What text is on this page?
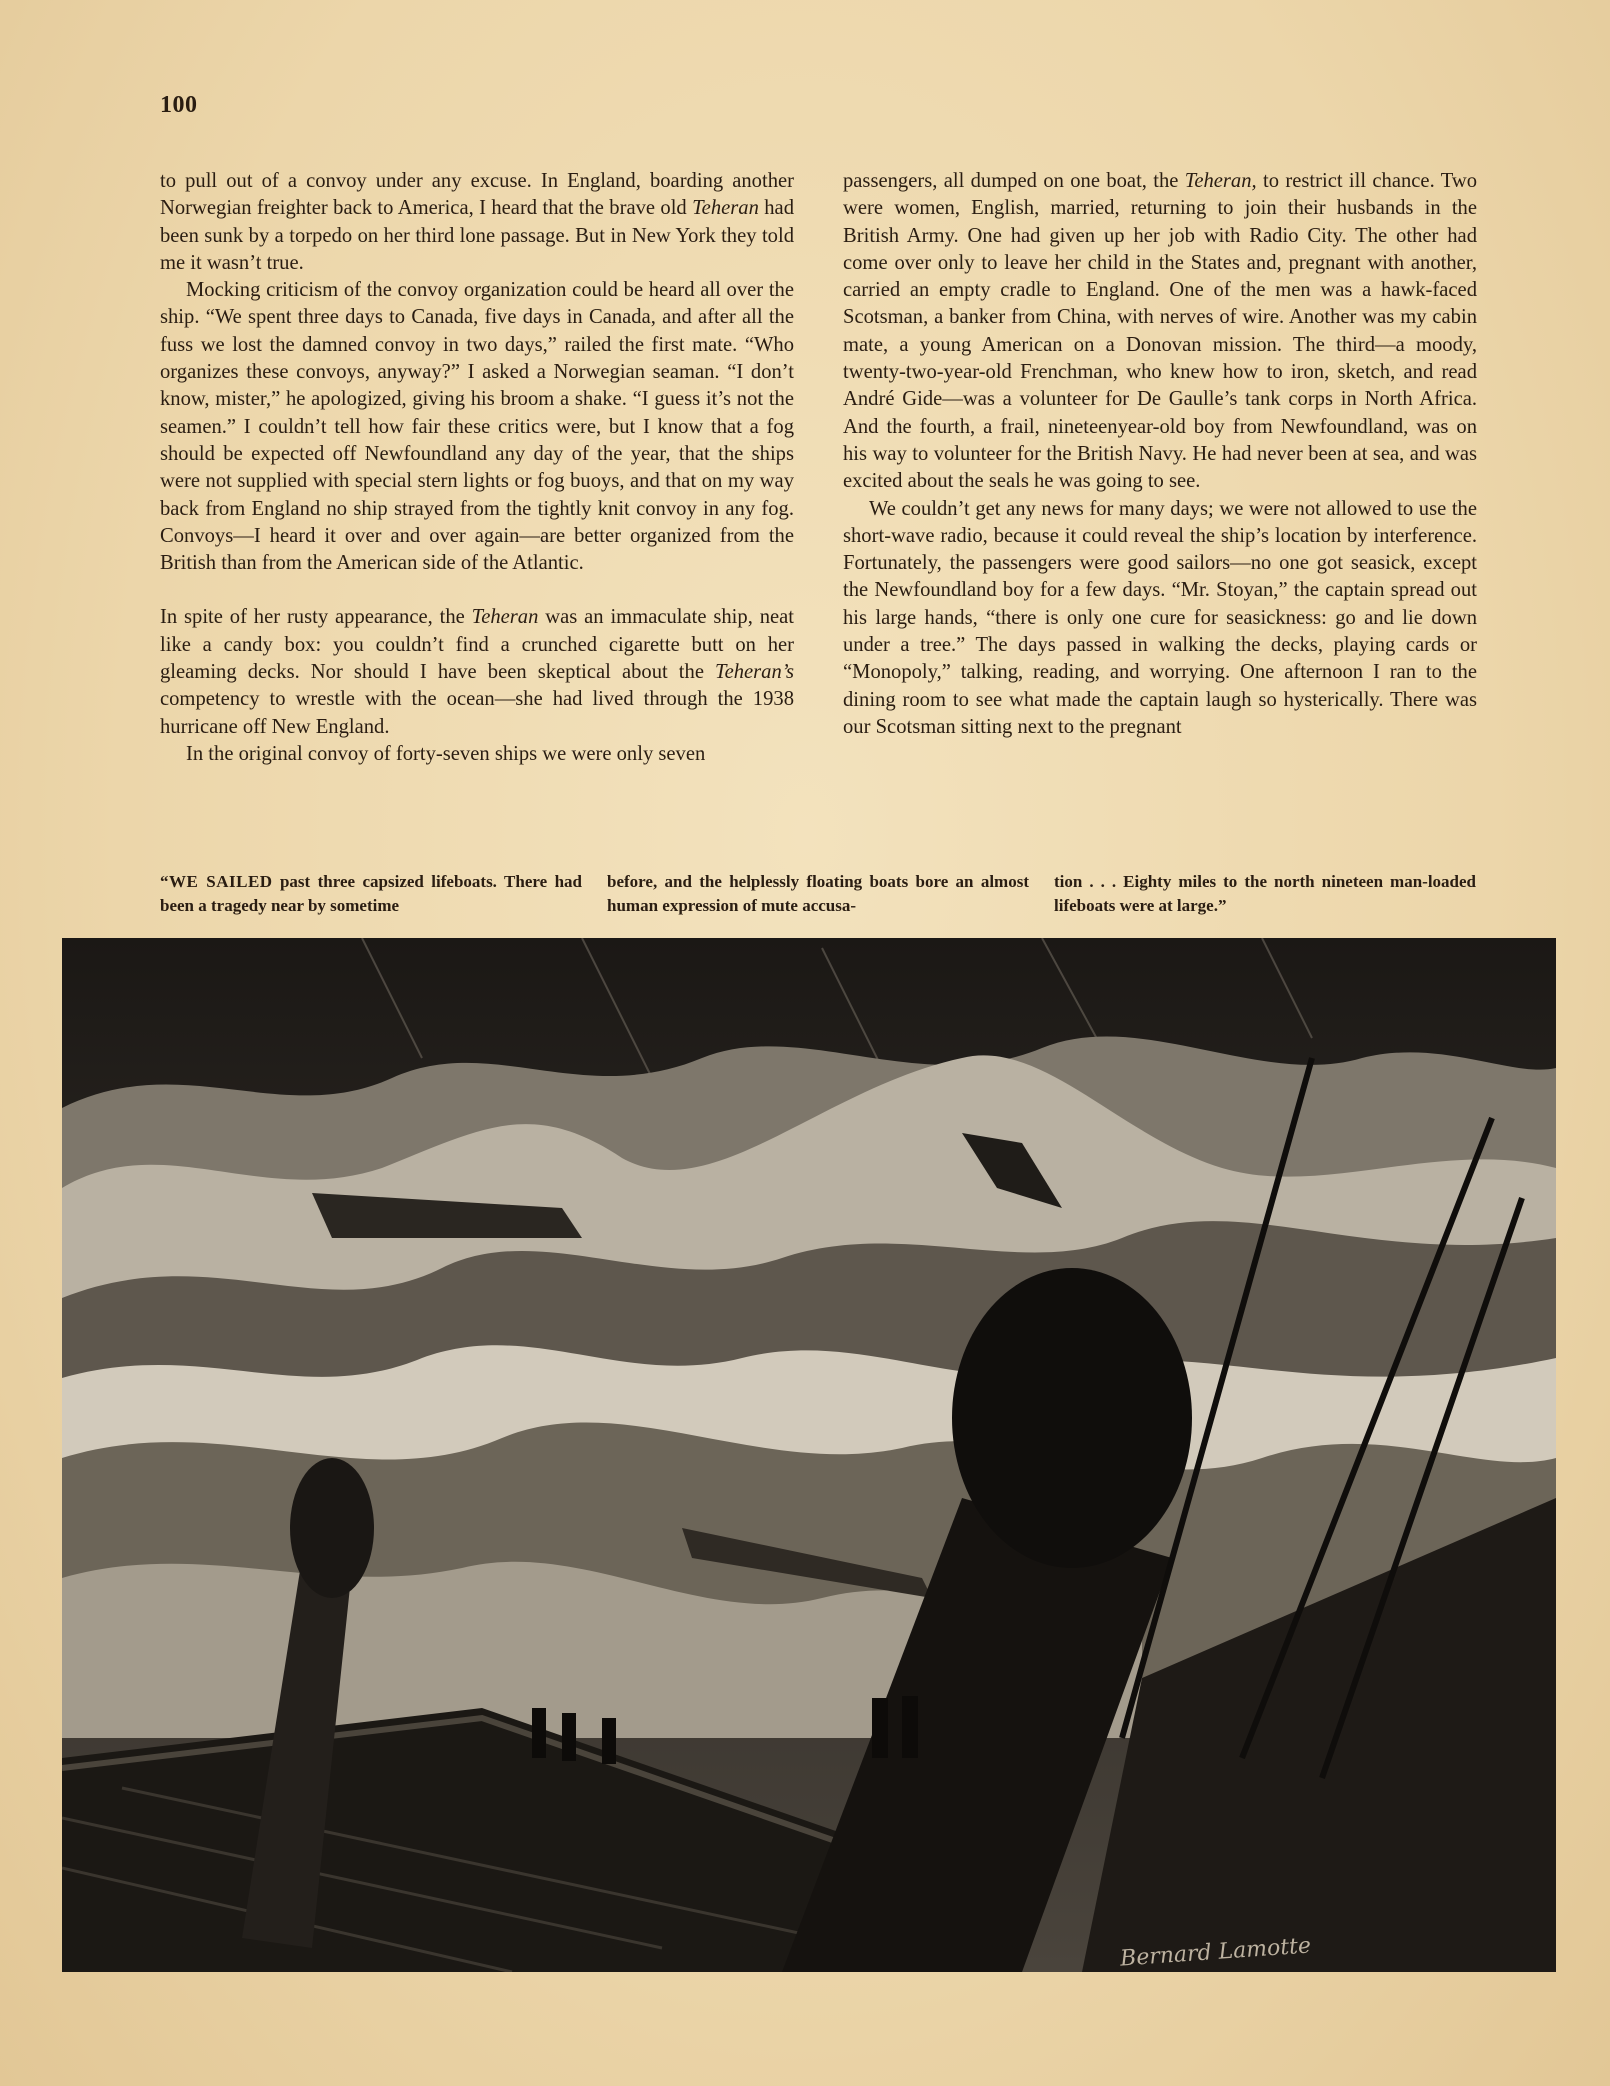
100

to pull out of a convoy under any excuse. In England, boarding another Norwegian freighter back to America, I heard that the brave old Teheran had been sunk by a torpedo on her third lone passage. But in New York they told me it wasn’t true.

Mocking criticism of the convoy organization could be heard all over the ship. “We spent three days to Canada, five days in Canada, and after all the fuss we lost the damned convoy in two days,” railed the first mate. “Who organizes these convoys, anyway?” I asked a Norwegian seaman. “I don’t know, mister,” he apologized, giving his broom a shake. “I guess it’s not the seamen.” I couldn’t tell how fair these critics were, but I know that a fog should be expected off Newfoundland any day of the year, that the ships were not supplied with special stern lights or fog buoys, and that on my way back from England no ship strayed from the tightly knit convoy in any fog. Convoys—I heard it over and over again—are better organized from the British than from the American side of the Atlantic.

In spite of her rusty appearance, the Teheran was an immaculate ship, neat like a candy box: you couldn’t find a crunched cigarette butt on her gleaming decks. Nor should I have been skeptical about the Teheran’s competency to wrestle with the ocean—she had lived through the 1938 hurricane off New England.

In the original convoy of forty-seven ships we were only seven

passengers, all dumped on one boat, the Teheran, to restrict ill chance. Two were women, English, married, returning to join their husbands in the British Army. One had given up her job with Radio City. The other had come over only to leave her child in the States and, pregnant with another, carried an empty cradle to England. One of the men was a hawk-faced Scotsman, a banker from China, with nerves of wire. Another was my cabin mate, a young American on a Donovan mission. The third—a moody, twenty-two-year-old Frenchman, who knew how to iron, sketch, and read André Gide—was a volunteer for De Gaulle’s tank corps in North Africa. And the fourth, a frail, nineteenyear-old boy from Newfoundland, was on his way to volunteer for the British Navy. He had never been at sea, and was excited about the seals he was going to see.

We couldn’t get any news for many days; we were not allowed to use the short-wave radio, because it could reveal the ship’s location by interference. Fortunately, the passengers were good sailors—no one got seasick, except the Newfoundland boy for a few days. “Mr. Stoyan,” the captain spread out his large hands, “there is only one cure for seasickness: go and lie down under a tree.” The days passed in walking the decks, playing cards or “Monopoly,” talking, reading, and worrying. One afternoon I ran to the dining room to see what made the captain laugh so hysterically. There was our Scotsman sitting next to the pregnant

“WE SAILED past three capsized lifeboats. There had been a tragedy near by sometime
before, and the helplessly floating boats bore an almost human expression of mute accusa-
tion . . . Eighty miles to the north nineteen man-loaded lifeboats were at large.”
Bernard Lamotte
